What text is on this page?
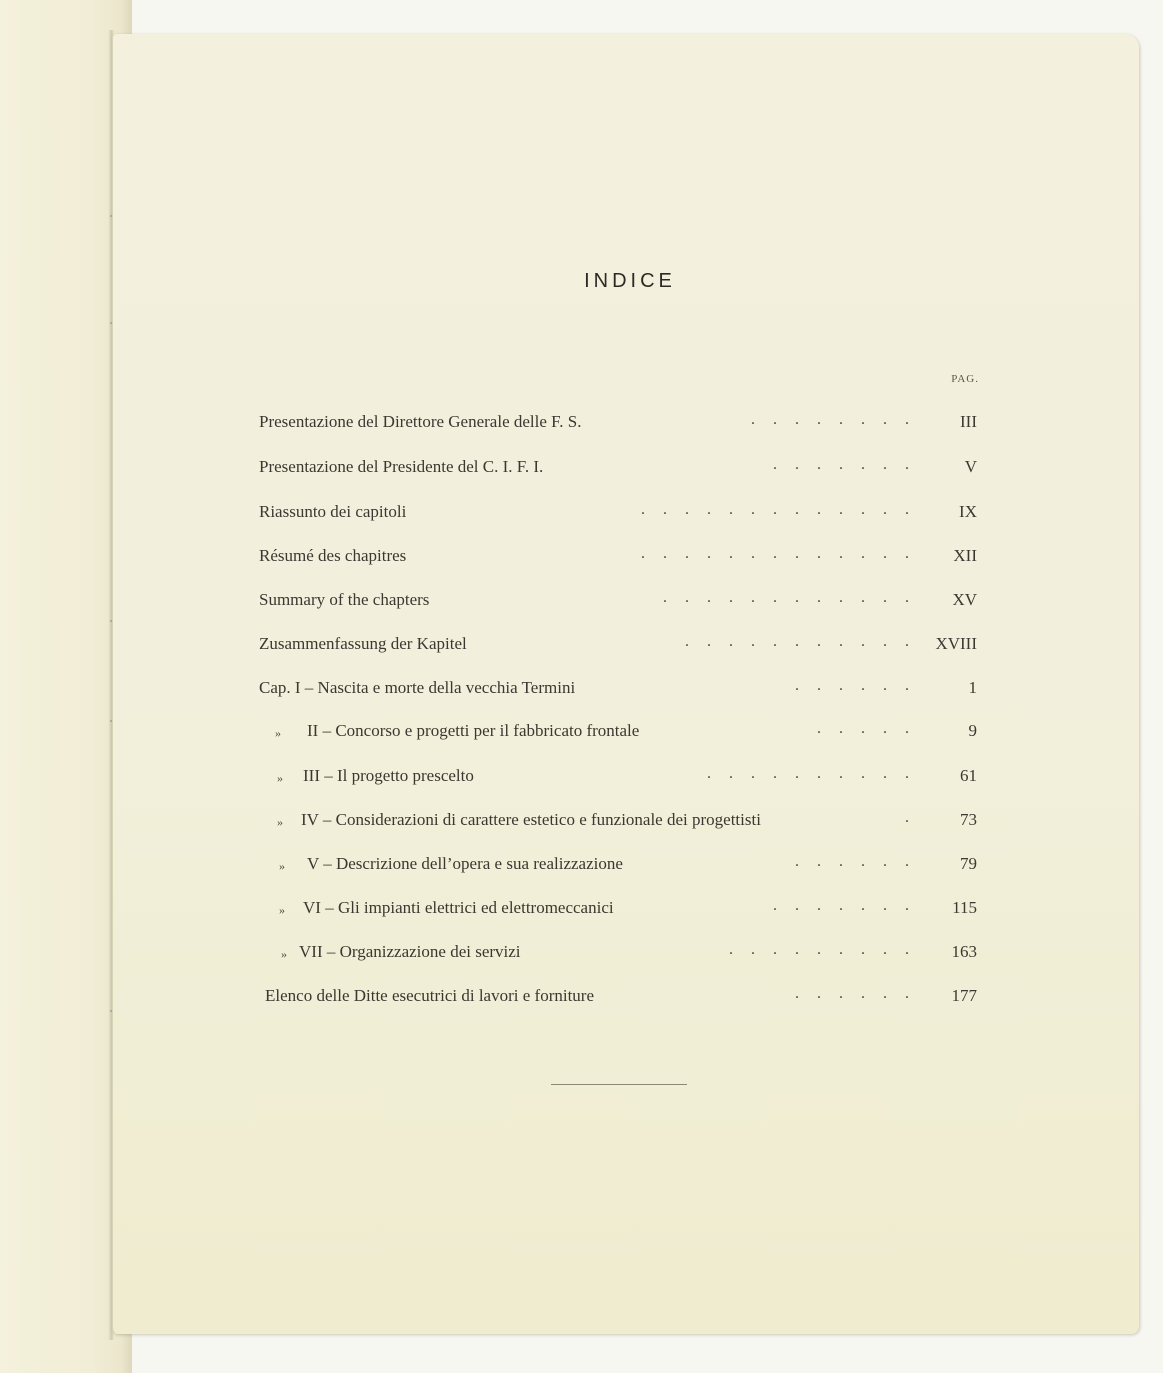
INDICE
PAG.
Presentazione del Direttore Generale delle F. S.	........ III
Presentazione del Presidente del C. I. F. I.	....... V
Riassunto dei capitoli	............. IX
Résumé des chapitres	............. XII
Summary of the chapters	............ XV
Zusammenfassung der Kapitel	........... XVIII
Cap. I – Nascita e morte della vecchia Termini	...... 1
» II – Concorso e progetti per il fabbricato frontale	..... 9
» III – Il progetto prescelto	.......... 61
» IV – Considerazioni di carattere estetico e funzionale dei progettisti	. 73
» V – Descrizione dell’opera e sua realizzazione	...... 79
» VI – Gli impianti elettrici ed elettromeccanici	....... 115
» VII – Organizzazione dei servizi	......... 163
Elenco delle Ditte esecutrici di lavori e forniture	...... 177
